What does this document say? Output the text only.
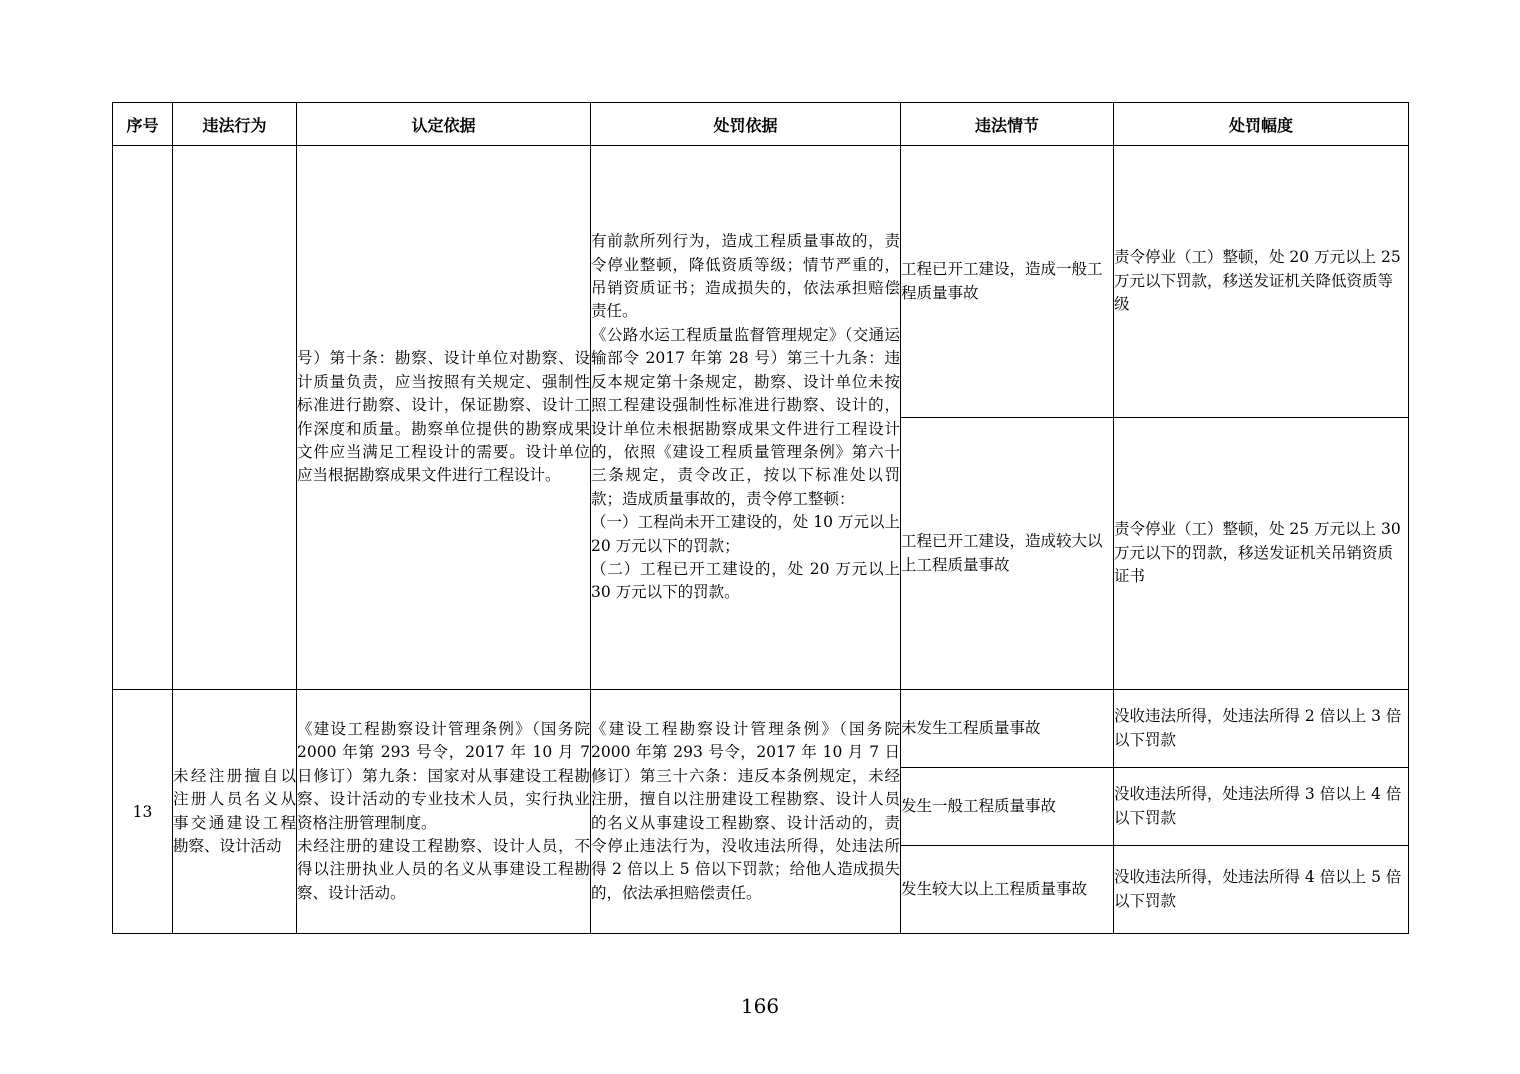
序号	违法行为	认定依据	处罚依据	违法情节	处罚幅度

		号）第十条：勘察、设计单位对勘察、设计质量负责，应当按照有关规定、强制性标准进行勘察、设计，保证勘察、设计工作深度和质量。勘察单位提供的勘察成果文件应当满足工程设计的需要。设计单位应当根据勘察成果文件进行工程设计。	有前款所列行为，造成工程质量事故的，责令停业整顿，降低资质等级；情节严重的，吊销资质证书；造成损失的，依法承担赔偿责任。
《公路水运工程质量监督管理规定》（交通运输部令 2017 年第 28 号）第三十九条：违反本规定第十条规定，勘察、设计单位未按照工程建设强制性标准进行勘察、设计的，设计单位未根据勘察成果文件进行工程设计的，依照《建设工程质量管理条例》第六十三条规定，责令改正，按以下标准处以罚款；造成质量事故的，责令停工整顿：
（一）工程尚未开工建设的，处 10 万元以上 20 万元以下的罚款；
（二）工程已开工建设的，处 20 万元以上 30 万元以下的罚款。	工程已开工建设，造成一般工程质量事故	责令停业（工）整顿，处 20 万元以上 25 万元以下罚款，移送发证机关降低资质等级
				工程已开工建设，造成较大以上工程质量事故	责令停业（工）整顿，处 25 万元以上 30 万元以下的罚款，移送发证机关吊销资质证书
13	未经注册擅自以注册人员名义从事交通建设工程勘察、设计活动	《建设工程勘察设计管理条例》（国务院 2000 年第 293 号令，2017 年 10 月 7 日修订）第九条：国家对从事建设工程勘察、设计活动的专业技术人员，实行执业资格注册管理制度。
未经注册的建设工程勘察、设计人员，不得以注册执业人员的名义从事建设工程勘察、设计活动。	《建设工程勘察设计管理条例》（国务院 2000 年第 293 号令，2017 年 10 月 7 日修订）第三十六条：违反本条例规定，未经注册，擅自以注册建设工程勘察、设计人员的名义从事建设工程勘察、设计活动的，责令停止违法行为，没收违法所得，处违法所得 2 倍以上 5 倍以下罚款；给他人造成损失的，依法承担赔偿责任。	未发生工程质量事故	没收违法所得，处违法所得 2 倍以上 3 倍以下罚款
				发生一般工程质量事故	没收违法所得，处违法所得 3 倍以上 4 倍以下罚款
				发生较大以上工程质量事故	没收违法所得，处违法所得 4 倍以上 5 倍以下罚款
166
